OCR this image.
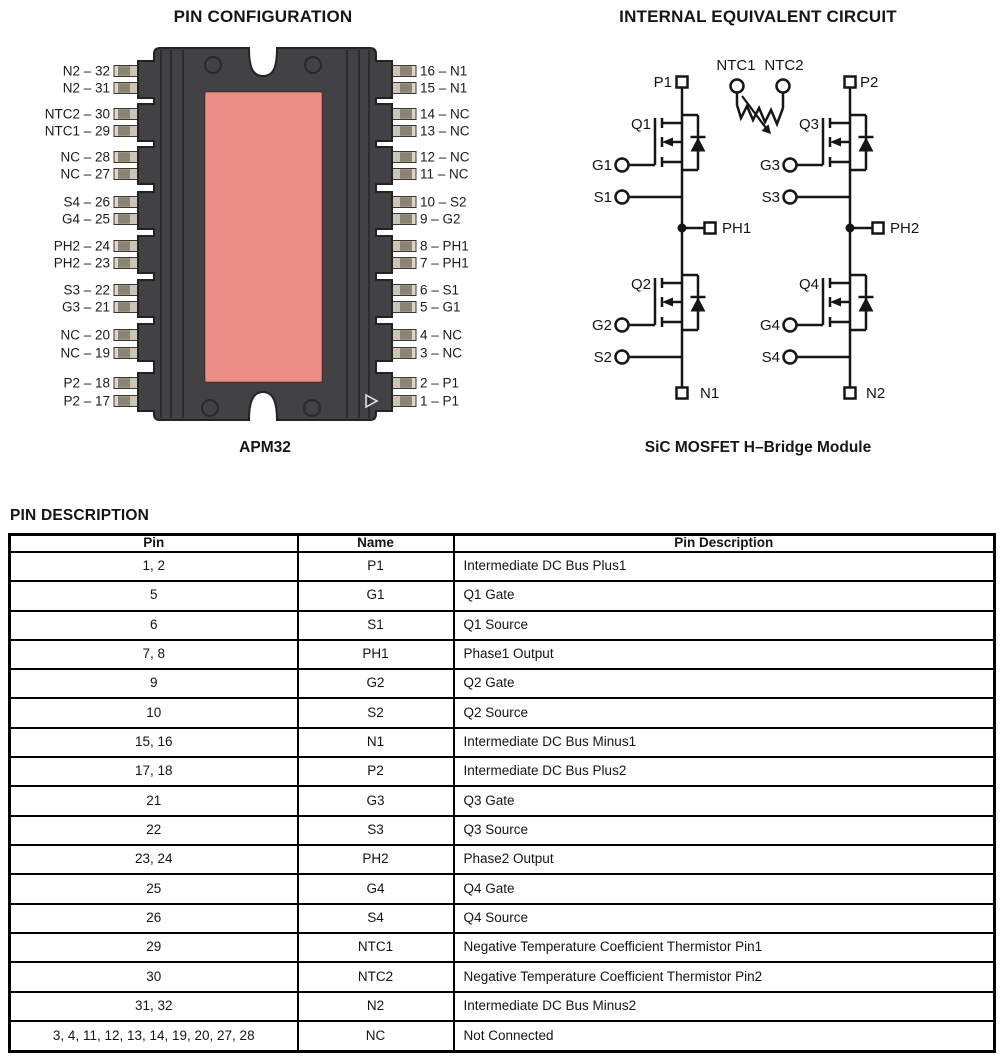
PIN CONFIGURATION
N2 – 32
N2 – 31
NTC2 – 30
NTC1 – 29
NC – 28
NC – 27
S4 – 26
G4 – 25
PH2 – 24
PH2 – 23
S3 – 22
G3 – 21
NC – 20
NC – 19
P2 – 18
P2 – 17
16 – N1
15 – N1
14 – NC
13 – NC
12 – NC
11 – NC
10 – S2
9 – G2
8 – PH1
7 – PH1
6 – S1
5 – G1
4 – NC
3 – NC
2 – P1
1 – P1
APM32
INTERNAL EQUIVALENT CIRCUIT
P1	P2
NTC1 NTC2
Q1	Q3
G1	G3
S1	S3
PH1	PH2
Q2	Q4
G2	G4
S2	S4
N1	N2
SiC MOSFET H–Bridge Module
PIN DESCRIPTION
Pin	Name	Pin Description
1, 2	P1	Intermediate DC Bus Plus1
5	G1	Q1 Gate
6	S1	Q1 Source
7, 8	PH1	Phase1 Output
9	G2	Q2 Gate
10	S2	Q2 Source
15, 16	N1	Intermediate DC Bus Minus1
17, 18	P2	Intermediate DC Bus Plus2
21	G3	Q3 Gate
22	S3	Q3 Source
23, 24	PH2	Phase2 Output
25	G4	Q4 Gate
26	S4	Q4 Source
29	NTC1	Negative Temperature Coefficient Thermistor Pin1
30	NTC2	Negative Temperature Coefficient Thermistor Pin2
31, 32	N2	Intermediate DC Bus Minus2
3, 4, 11, 12, 13, 14, 19, 20, 27, 28	NC	Not Connected
